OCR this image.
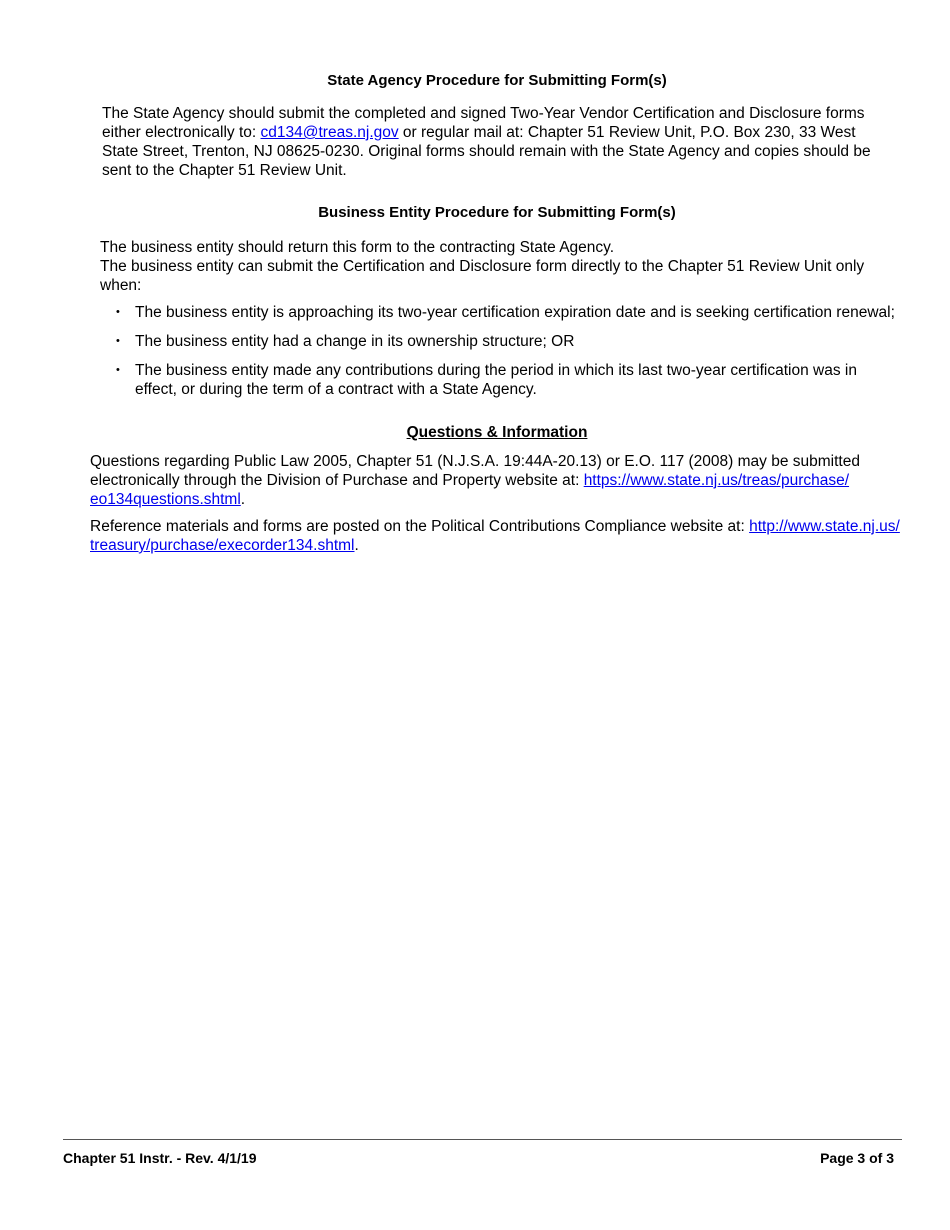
State Agency Procedure for Submitting Form(s)

The State Agency should submit the completed and signed Two-Year Vendor Certification and Disclosure forms either electronically to: cd134@treas.nj.gov or regular mail at: Chapter 51 Review Unit, P.O. Box 230, 33 West State Street, Trenton, NJ 08625-0230. Original forms should remain with the State Agency and copies should be sent to the Chapter 51 Review Unit.

Business Entity Procedure for Submitting Form(s)

The business entity should return this form to the contracting State Agency.

The business entity can submit the Certification and Disclosure form directly to the Chapter 51 Review Unit only when:

• The business entity is approaching its two-year certification expiration date and is seeking certification renewal;
• The business entity had a change in its ownership structure; OR
• The business entity made any contributions during the period in which its last two-year certification was in effect, or during the term of a contract with a State Agency.
Questions & Information

Questions regarding Public Law 2005, Chapter 51 (N.J.S.A. 19:44A-20.13) or E.O. 117 (2008) may be submitted electronically through the Division of Purchase and Property website at: https://www.state.nj.us/treas/purchase/
eo134questions.shtml.

Reference materials and forms are posted on the Political Contributions Compliance website at: http://www.state.nj.us/
treasury/purchase/execorder134.shtml.

Chapter 51 Instr. - Rev. 4/1/19	Page 3 of 3
